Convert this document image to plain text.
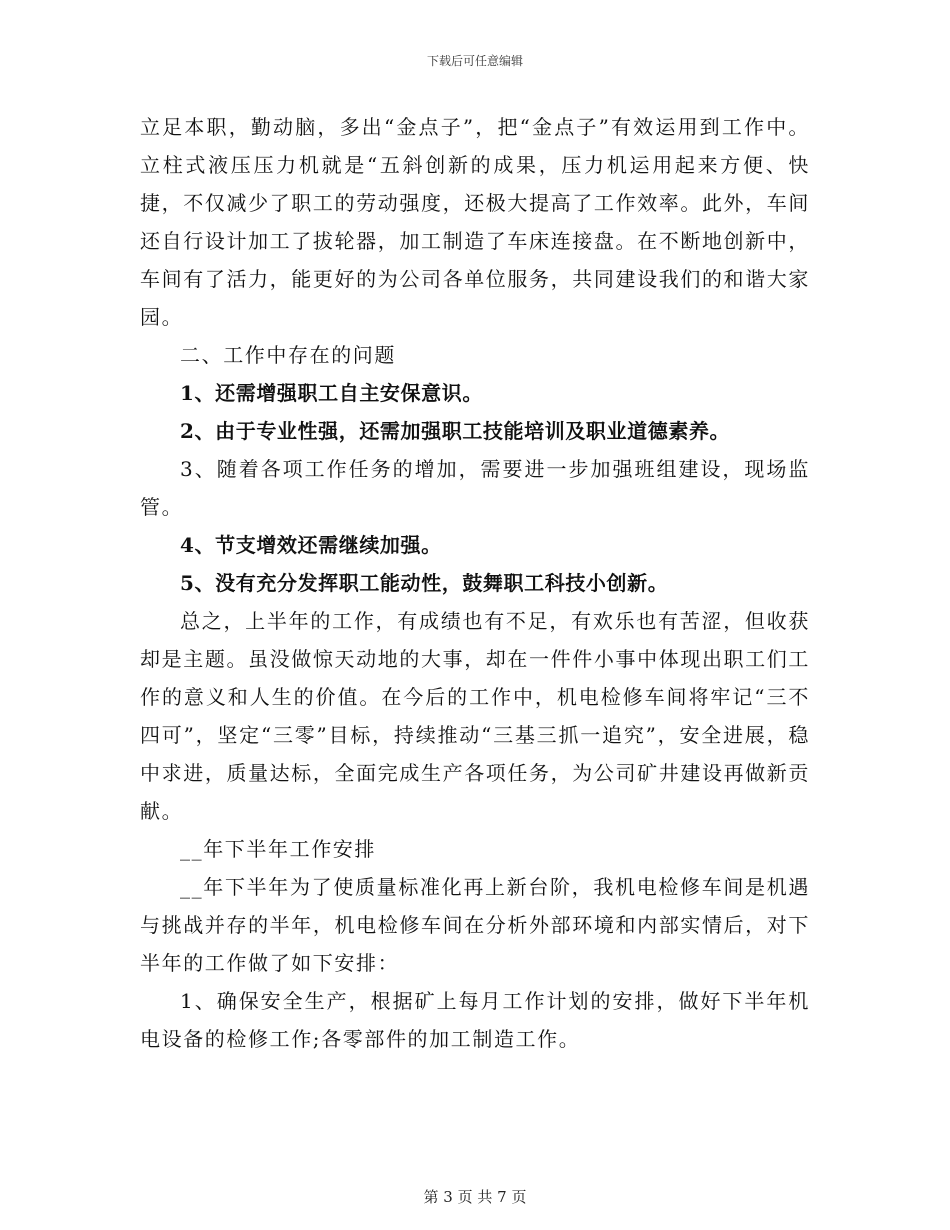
下载后可任意编辑

立足本职，勤动脑，多出“金点子”，把“金点子”有效运用到工作中。立柱式液压压力机就是“五斜创新的成果，压力机运用起来方便、快捷，不仅减少了职工的劳动强度，还极大提高了工作效率。此外，车间还自行设计加工了拔轮器，加工制造了车床连接盘。在不断地创新中，车间有了活力，能更好的为公司各单位服务，共同建设我们的和谐大家园。

二、工作中存在的问题

1、还需增强职工自主安保意识。

2、由于专业性强，还需加强职工技能培训及职业道德素养。

3、随着各项工作任务的增加，需要进一步加强班组建设，现场监管。

4、节支增效还需继续加强。

5、没有充分发挥职工能动性，鼓舞职工科技小创新。

总之，上半年的工作，有成绩也有不足，有欢乐也有苦涩，但收获却是主题。虽没做惊天动地的大事，却在一件件小事中体现出职工们工作的意义和人生的价值。在今后的工作中，机电检修车间将牢记“三不四可”，坚定“三零”目标，持续推动“三基三抓一追究”，安全进展，稳中求进，质量达标，全面完成生产各项任务，为公司矿井建设再做新贡献。

__年下半年工作安排

__年下半年为了使质量标准化再上新台阶，我机电检修车间是机遇与挑战并存的半年，机电检修车间在分析外部环境和内部实情后，对下半年的工作做了如下安排：

1、确保安全生产，根据矿上每月工作计划的安排，做好下半年机电设备的检修工作;各零部件的加工制造工作。

第 3 页 共 7 页
